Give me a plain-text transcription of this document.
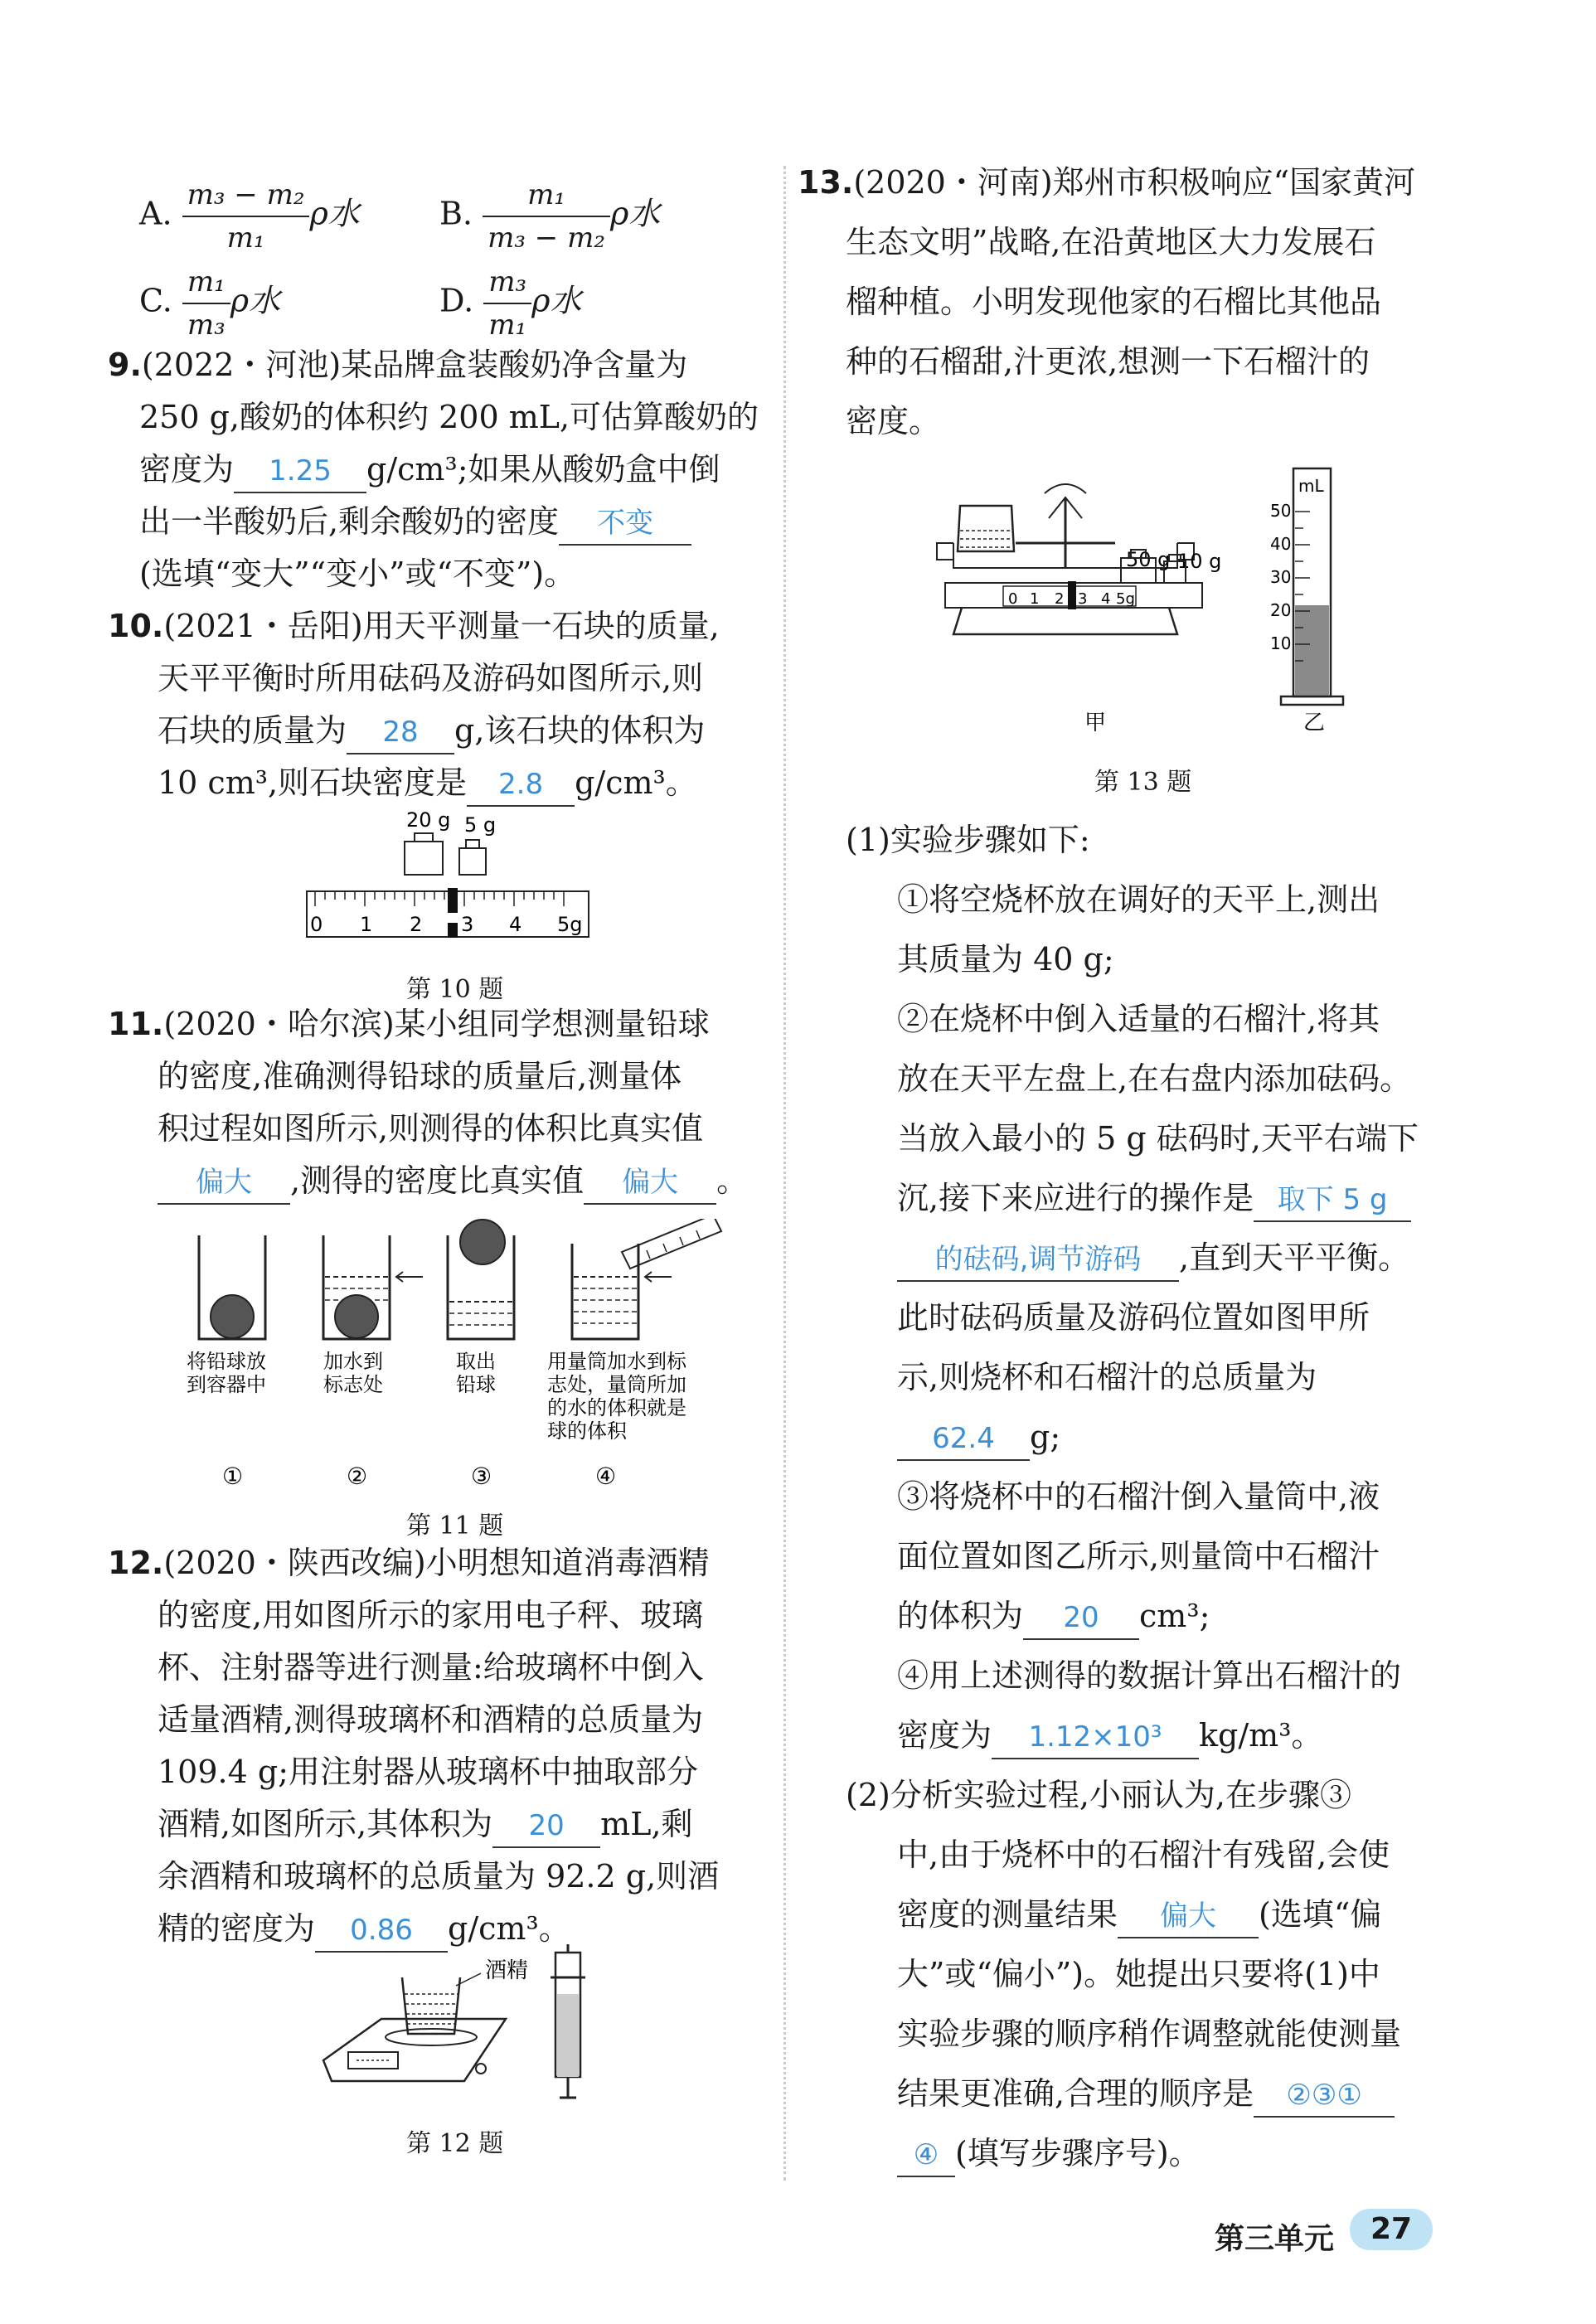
A. $\frac{\text{m₃ − m₂}}{\text{m₁}}$ ρ水	B. $\frac{\text{m₁}}{\text{m₃ − m₂}}$ ρ水
C. $\frac{\text{m₁}}{\text{m₃}}$ ρ水	D. $\frac{\text{m₃}}{\text{m₁}}$ ρ水
9.(2022・河池)某品牌盒装酸奶净含量为
250 g,酸奶的体积约 200 mL,可估算酸奶的
密度为 1.25 g/cm³;如果从酸奶盒中倒
出一半酸奶后,剩余酸奶的密度 不变
(选填“变大”“变小”或“不变”)。
10.(2021・岳阳)用天平测量一石块的质量,
天平平衡时所用砝码及游码如图所示,则
石块的质量为 28 g,该石块的体积为
10 cm³,则石块密度是 2.8 g/cm³。
20 g 5 g
0 1 2 3 4 5g
第 10 题
11.(2020・哈尔滨)某小组同学想测量铅球
的密度,准确测得铅球的质量后,测量体
积过程如图所示,则测得的体积比真实值
偏大 ,测得的密度比真实值 偏大 。
将铅球放
到容器中
加水到
标志处
取出
铅球
用量筒加水到标
志处，量筒所加
的水的体积就是
球的体积
①	②	③	④
第 11 题
12.(2020・陕西改编)小明想知道消毒酒精
的密度,用如图所示的家用电子秤、玻璃
杯、注射器等进行测量:给玻璃杯中倒入
适量酒精,测得玻璃杯和酒精的总质量为
109.4 g;用注射器从玻璃杯中抽取部分
酒精,如图所示,其体积为 20 mL,剩
余酒精和玻璃杯的总质量为 92.2 g,则酒
精的密度为 0.86 g/cm³。
酒精
第 12 题
13.(2020・河南)郑州市积极响应“国家黄河
生态文明”战略,在沿黄地区大力发展石
榴种植。小明发现他家的石榴比其他品
种的石榴甜,汁更浓,想测一下石榴汁的
密度。
50 g 10 g
0 1 2 3 4 5g
mL
50
40
30
20
10
甲	乙
第 13 题
(1)实验步骤如下:
①将空烧杯放在调好的天平上,测出
其质量为 40 g;
②在烧杯中倒入适量的石榴汁,将其
放在天平左盘上,在右盘内添加砝码。
当放入最小的 5 g 砝码时,天平右端下
沉,接下来应进行的操作是 取下 5 g
的砝码,调节游码 ,直到天平平衡。
此时砝码质量及游码位置如图甲所
示,则烧杯和石榴汁的总质量为
62.4 g;
③将烧杯中的石榴汁倒入量筒中,液
面位置如图乙所示,则量筒中石榴汁
的体积为 20 cm³;
④用上述测得的数据计算出石榴汁的
密度为 1.12×10³ kg/m³。
(2)分析实验过程,小丽认为,在步骤③
中,由于烧杯中的石榴汁有残留,会使
密度的测量结果 偏大 (选填“偏
大”或“偏小”)。她提出只要将(1)中
实验步骤的顺序稍作调整就能使测量
结果更准确,合理的顺序是 ②③①
④ (填写步骤序号)。
第三单元	27
